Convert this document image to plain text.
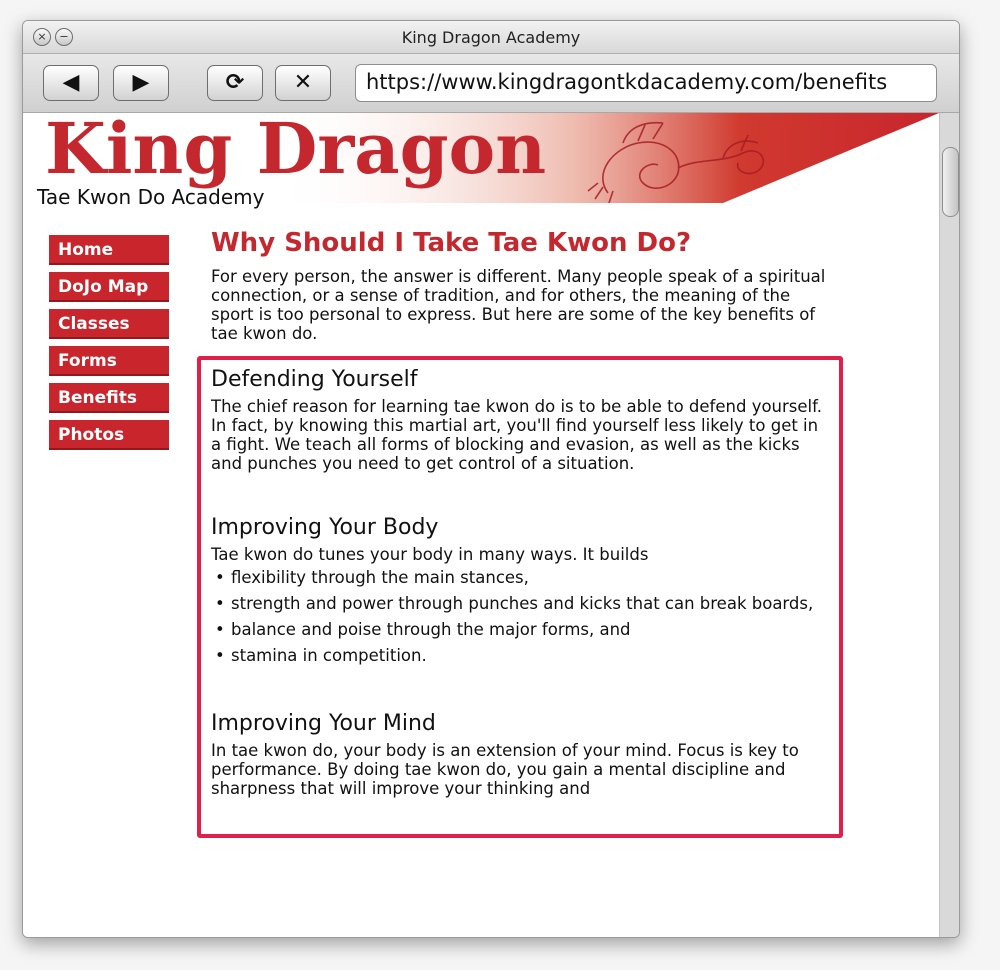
×	−	King Dragon Academy
◀	▶	⟳	✕	https://www.kingdragontkdacademy.com/benefits
King Dragon
Tae Kwon Do Academy
Home
DoJo Map
Classes
Forms
Benefits
Photos
Why Should I Take Tae Kwon Do?

For every person, the answer is different. Many people speak of a spiritual connection, or a sense of tradition, and for others, the meaning of the sport is too personal to express. But here are some of the key benefits of tae kwon do.

Defending Yourself

The chief reason for learning tae kwon do is to be able to defend yourself. In fact, by knowing this martial art, you'll find yourself less likely to get in a fight. We teach all forms of blocking and evasion, as well as the kicks and punches you need to get control of a situation.

Improving Your Body

Tae kwon do tunes your body in many ways. It builds

• flexibility through the main stances,
• strength and power through punches and kicks that can break boards,
• balance and poise through the major forms, and
• stamina in competition.
Improving Your Mind

In tae kwon do, your body is an extension of your mind. Focus is key to performance. By doing tae kwon do, you gain a mental discipline and sharpness that will improve your thinking and
